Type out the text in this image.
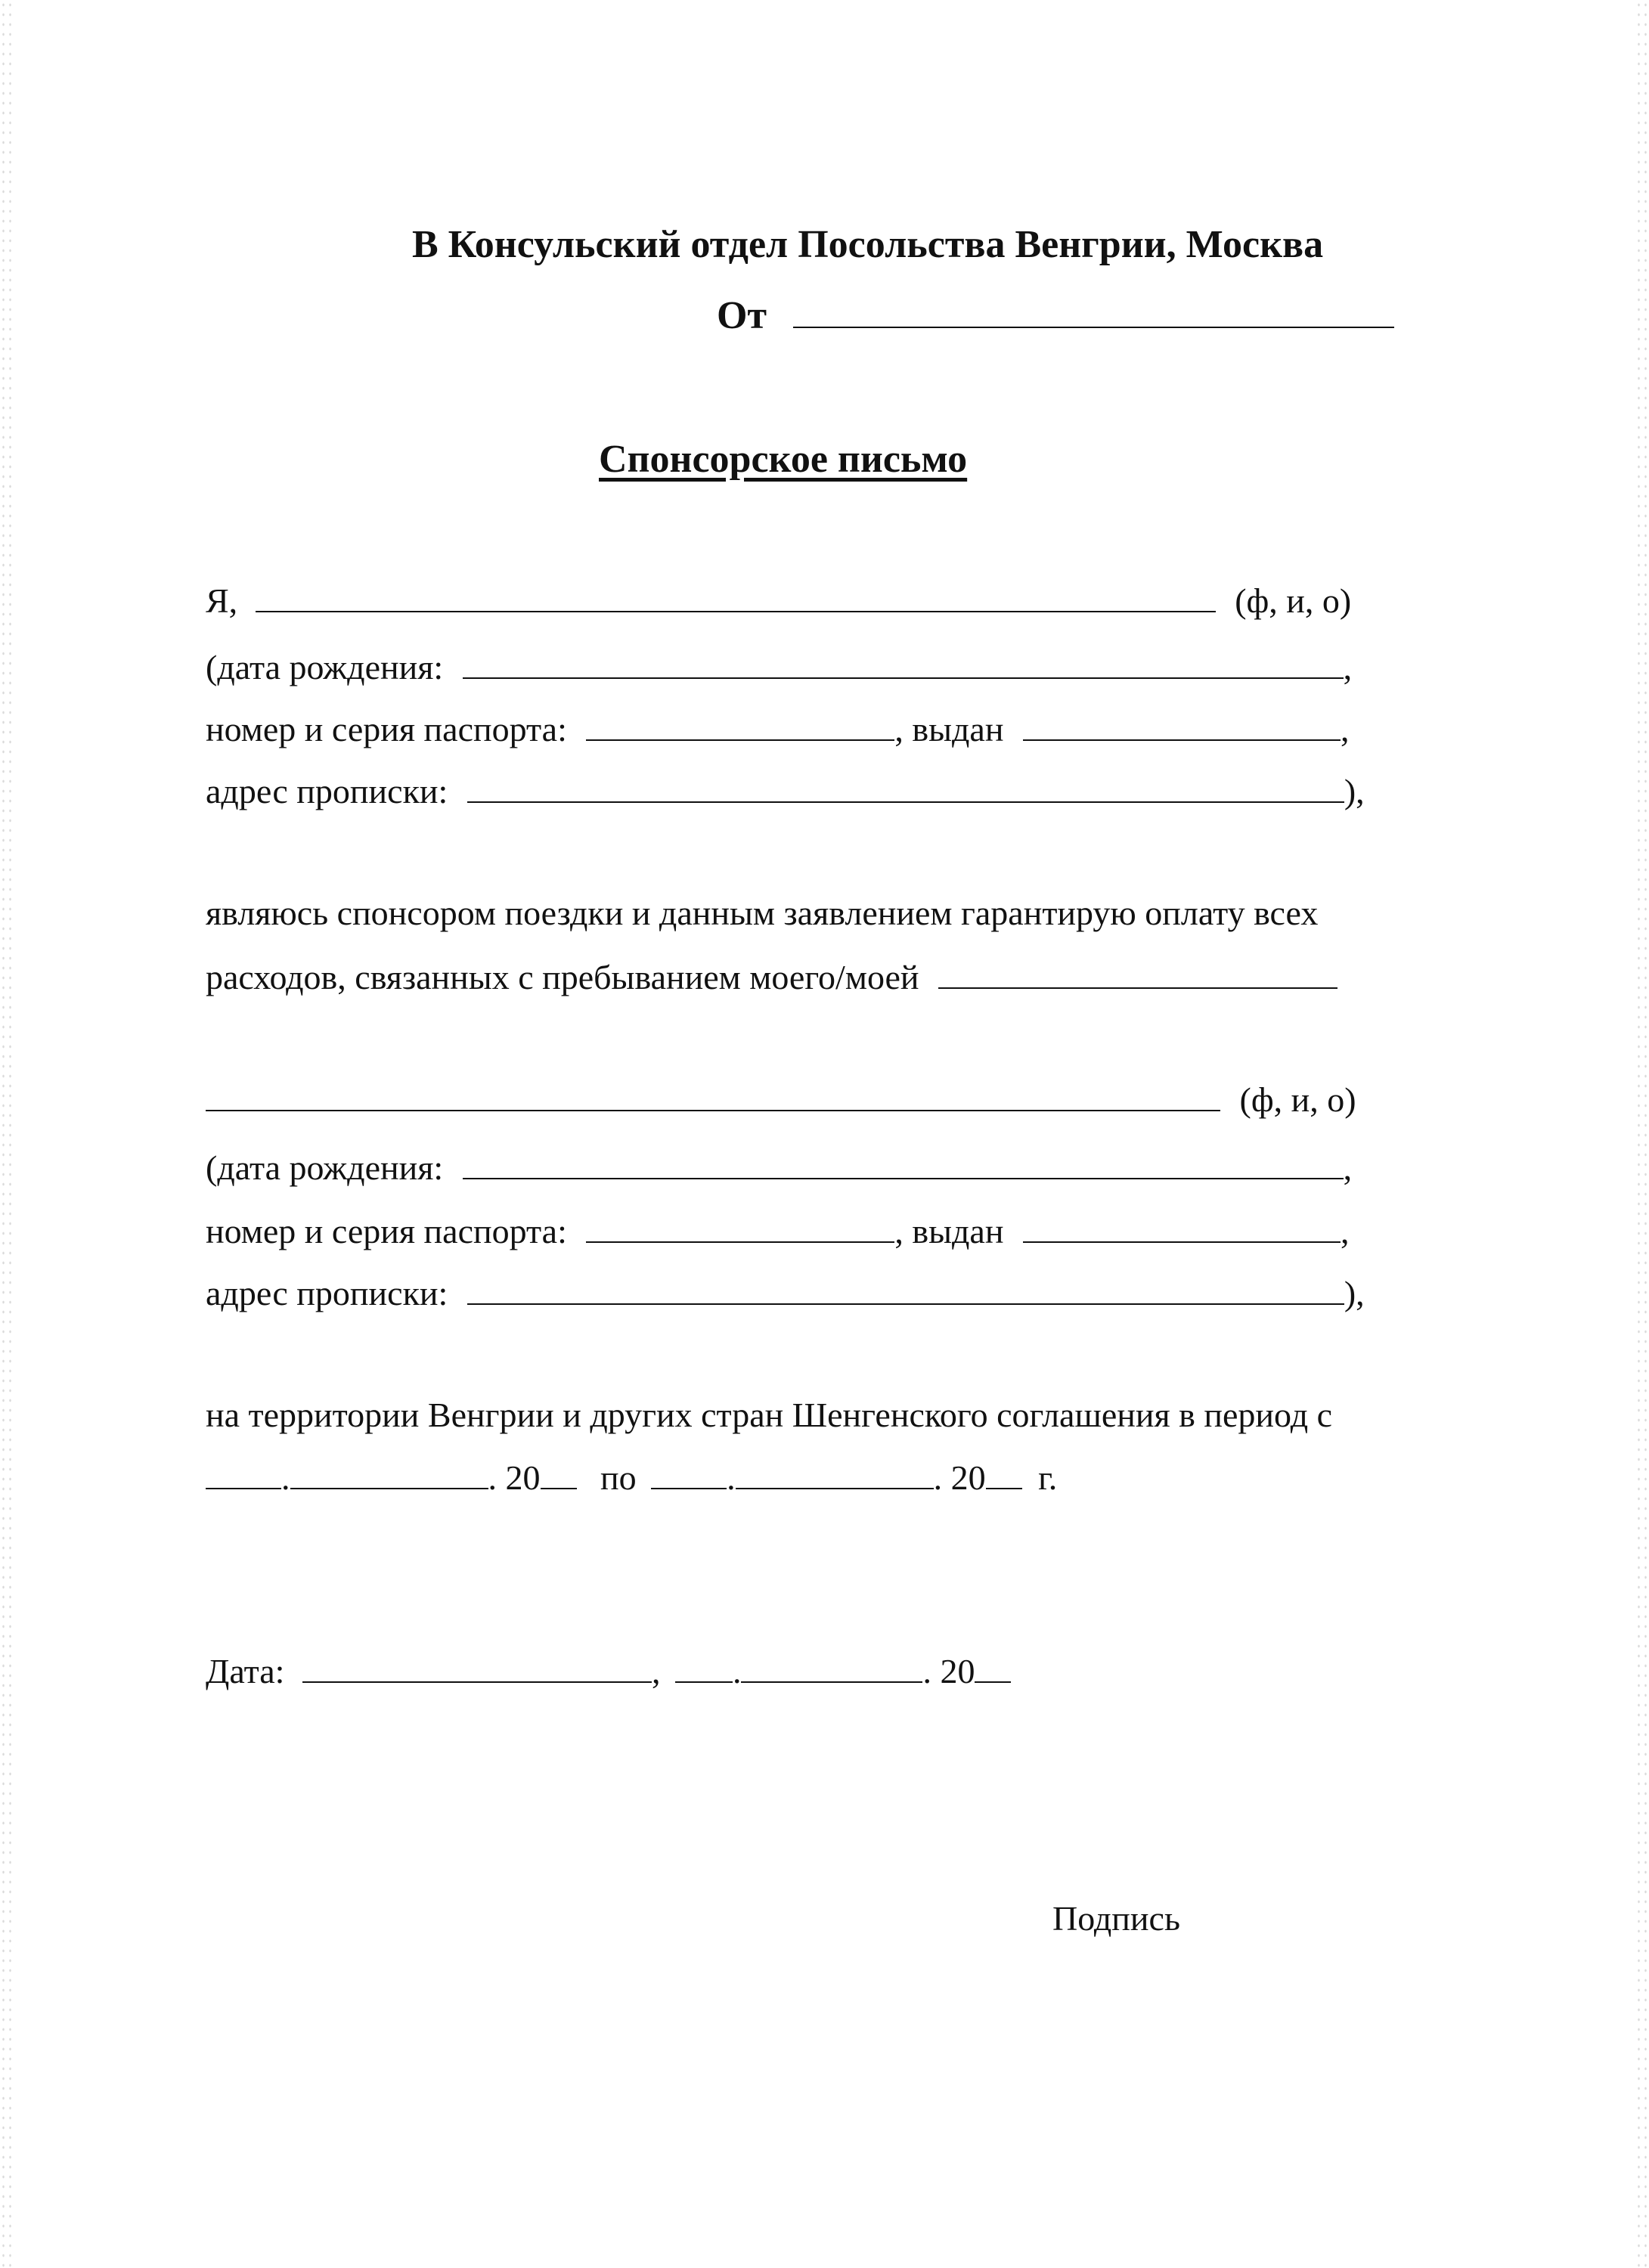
В Консульский отдел Посольства Венгрии, Москва
От
Спонсорское письмо
Я,	(ф, и, о)
(дата рождения:	,
номер и серия паспорта:	, выдан	,
адрес прописки:	),
являюсь спонсором поездки и данным заявлением гарантирую оплату всех
расходов, связанных с пребыванием моего/моей
(ф, и, о)
(дата рождения:	,
номер и серия паспорта:	, выдан	,
адрес прописки:	),
на территории Венгрии и других стран Шенгенского соглашения в период с
.	. 20 по	.	. 20 г.
Дата:	, .	. 20
Подпись
